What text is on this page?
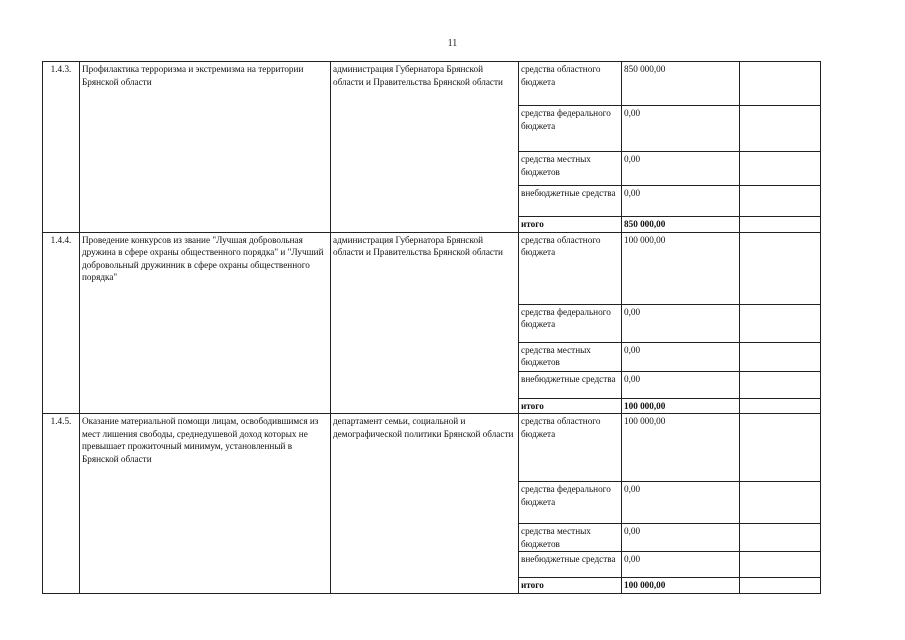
11
1.4.3.	Профилактика терроризма и экстремизма на территории Брянской области	администрация Губернатора Брянской области и Правительства Брянской области	средства областного бюджета	850 000,00	
			средства федерального бюджета	0,00	
			средства местных бюджетов	0,00	
			внебюджетные средства	0,00	
			итого	850 000,00	
1.4.4.	Проведение конкурсов из звание "Лучшая добровольная дружина в сфере охраны общественного порядка" и "Лучший добровольный дружинник в сфере охраны общественного порядка"	администрация Губернатора Брянской области и Правительства Брянской области	средства областного бюджета	100 000,00	
			средства федерального бюджета	0,00	
			средства местных бюджетов	0,00	
			внебюджетные средства	0,00	
			итого	100 000,00	
1.4.5.	Оказание материальной помощи лицам, освободившимся из мест лишения свободы, среднедушевой доход которых не превышает прожиточный минимум, установленный в Брянской области	департамент семьи, социальной и демографической политики Брянской области	средства областного бюджета	100 000,00	
			средства федерального бюджета	0,00	
			средства местных бюджетов	0,00	
			внебюджетные средства	0,00	
			итого	100 000,00	
